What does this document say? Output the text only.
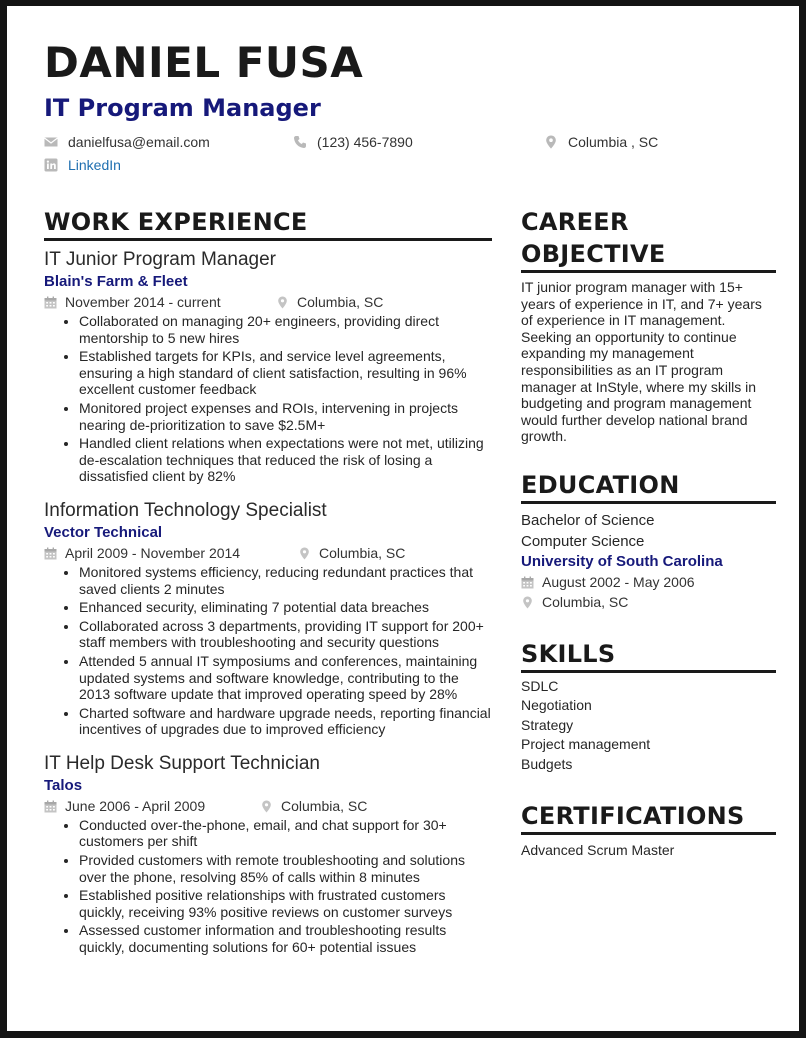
DANIEL FUSA
IT Program Manager
danielfusa@email.com	(123) 456-7890	Columbia , SC
LinkedIn
WORK EXPERIENCE
IT Junior Program Manager
Blain's Farm & Fleet
November 2014 - current	Columbia, SC
• Collaborated on managing 20+ engineers, providing direct mentorship to 5 new hires
• Established targets for KPIs, and service level agreements, ensuring a high standard of client satisfaction, resulting in 96% excellent customer feedback
• Monitored project expenses and ROIs, intervening in projects nearing de-prioritization to save $2.5M+
• Handled client relations when expectations were not met, utilizing de-escalation techniques that reduced the risk of losing a dissatisfied client by 82%
Information Technology Specialist
Vector Technical
April 2009 - November 2014	Columbia, SC
• Monitored systems efficiency, reducing redundant practices that saved clients 2 minutes
• Enhanced security, eliminating 7 potential data breaches
• Collaborated across 3 departments, providing IT support for 200+ staff members with troubleshooting and security questions
• Attended 5 annual IT symposiums and conferences, maintaining updated systems and software knowledge, contributing to the 2013 software update that improved operating speed by 28%
• Charted software and hardware upgrade needs, reporting financial incentives of upgrades due to improved efficiency
IT Help Desk Support Technician
Talos
June 2006 - April 2009	Columbia, SC
• Conducted over-the-phone, email, and chat support for 30+ customers per shift
• Provided customers with remote troubleshooting and solutions over the phone, resolving 85% of calls within 8 minutes
• Established positive relationships with frustrated customers quickly, receiving 93% positive reviews on customer surveys
• Assessed customer information and troubleshooting results quickly, documenting solutions for 60+ potential issues
CAREER
OBJECTIVE
IT junior program manager with 15+ years of experience in IT, and 7+ years of experience in IT management. Seeking an opportunity to continue expanding my management responsibilities as an IT program manager at InStyle, where my skills in budgeting and program management would further develop national brand growth.
EDUCATION
Bachelor of Science
Computer Science
University of South Carolina
August 2002 - May 2006
Columbia, SC
SKILLS
SDLC
Negotiation
Strategy
Project management
Budgets
CERTIFICATIONS
Advanced Scrum Master
